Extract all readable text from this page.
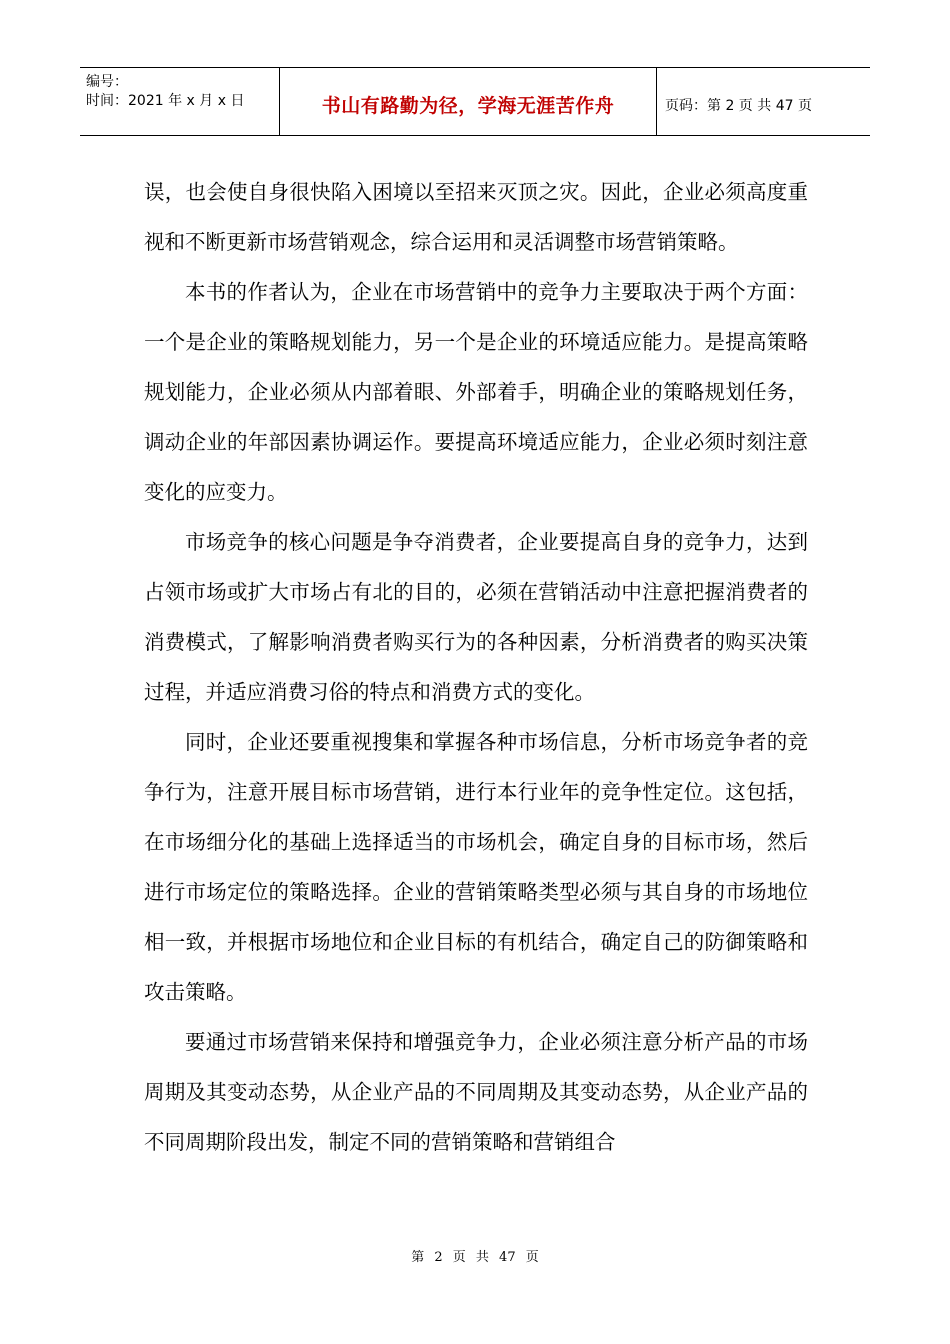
编号：
时间：2021 年 x 月 x 日	书山有路勤为径，学海无涯苦作舟	页码：第 2 页 共 47 页

误，也会使自身很快陷入困境以至招来灭顶之灾。因此，企业必须高度重视和不断更新市场营销观念，综合运用和灵活调整市场营销策略。

本书的作者认为，企业在市场营销中的竞争力主要取决于两个方面：一个是企业的策略规划能力，另一个是企业的环境适应能力。是提高策略规划能力，企业必须从内部着眼、外部着手，明确企业的策略规划任务，调动企业的年部因素协调运作。要提高环境适应能力，企业必须时刻注意变化的应变力。

市场竞争的核心问题是争夺消费者，企业要提高自身的竞争力，达到占领市场或扩大市场占有北的目的，必须在营销活动中注意把握消费者的消费模式，了解影响消费者购买行为的各种因素，分析消费者的购买决策过程，并适应消费习俗的特点和消费方式的变化。

同时，企业还要重视搜集和掌握各种市场信息，分析市场竞争者的竞争行为，注意开展目标市场营销，进行本行业年的竞争性定位。这包括，在市场细分化的基础上选择适当的市场机会，确定自身的目标市场，然后进行市场定位的策略选择。企业的营销策略类型必须与其自身的市场地位相一致，并根据市场地位和企业目标的有机结合，确定自己的防御策略和攻击策略。

要通过市场营销来保持和增强竞争力，企业必须注意分析产品的市场周期及其变动态势，从企业产品的不同周期及其变动态势，从企业产品的不同周期阶段出发，制定不同的营销策略和营销组合

第 2 页 共 47 页
